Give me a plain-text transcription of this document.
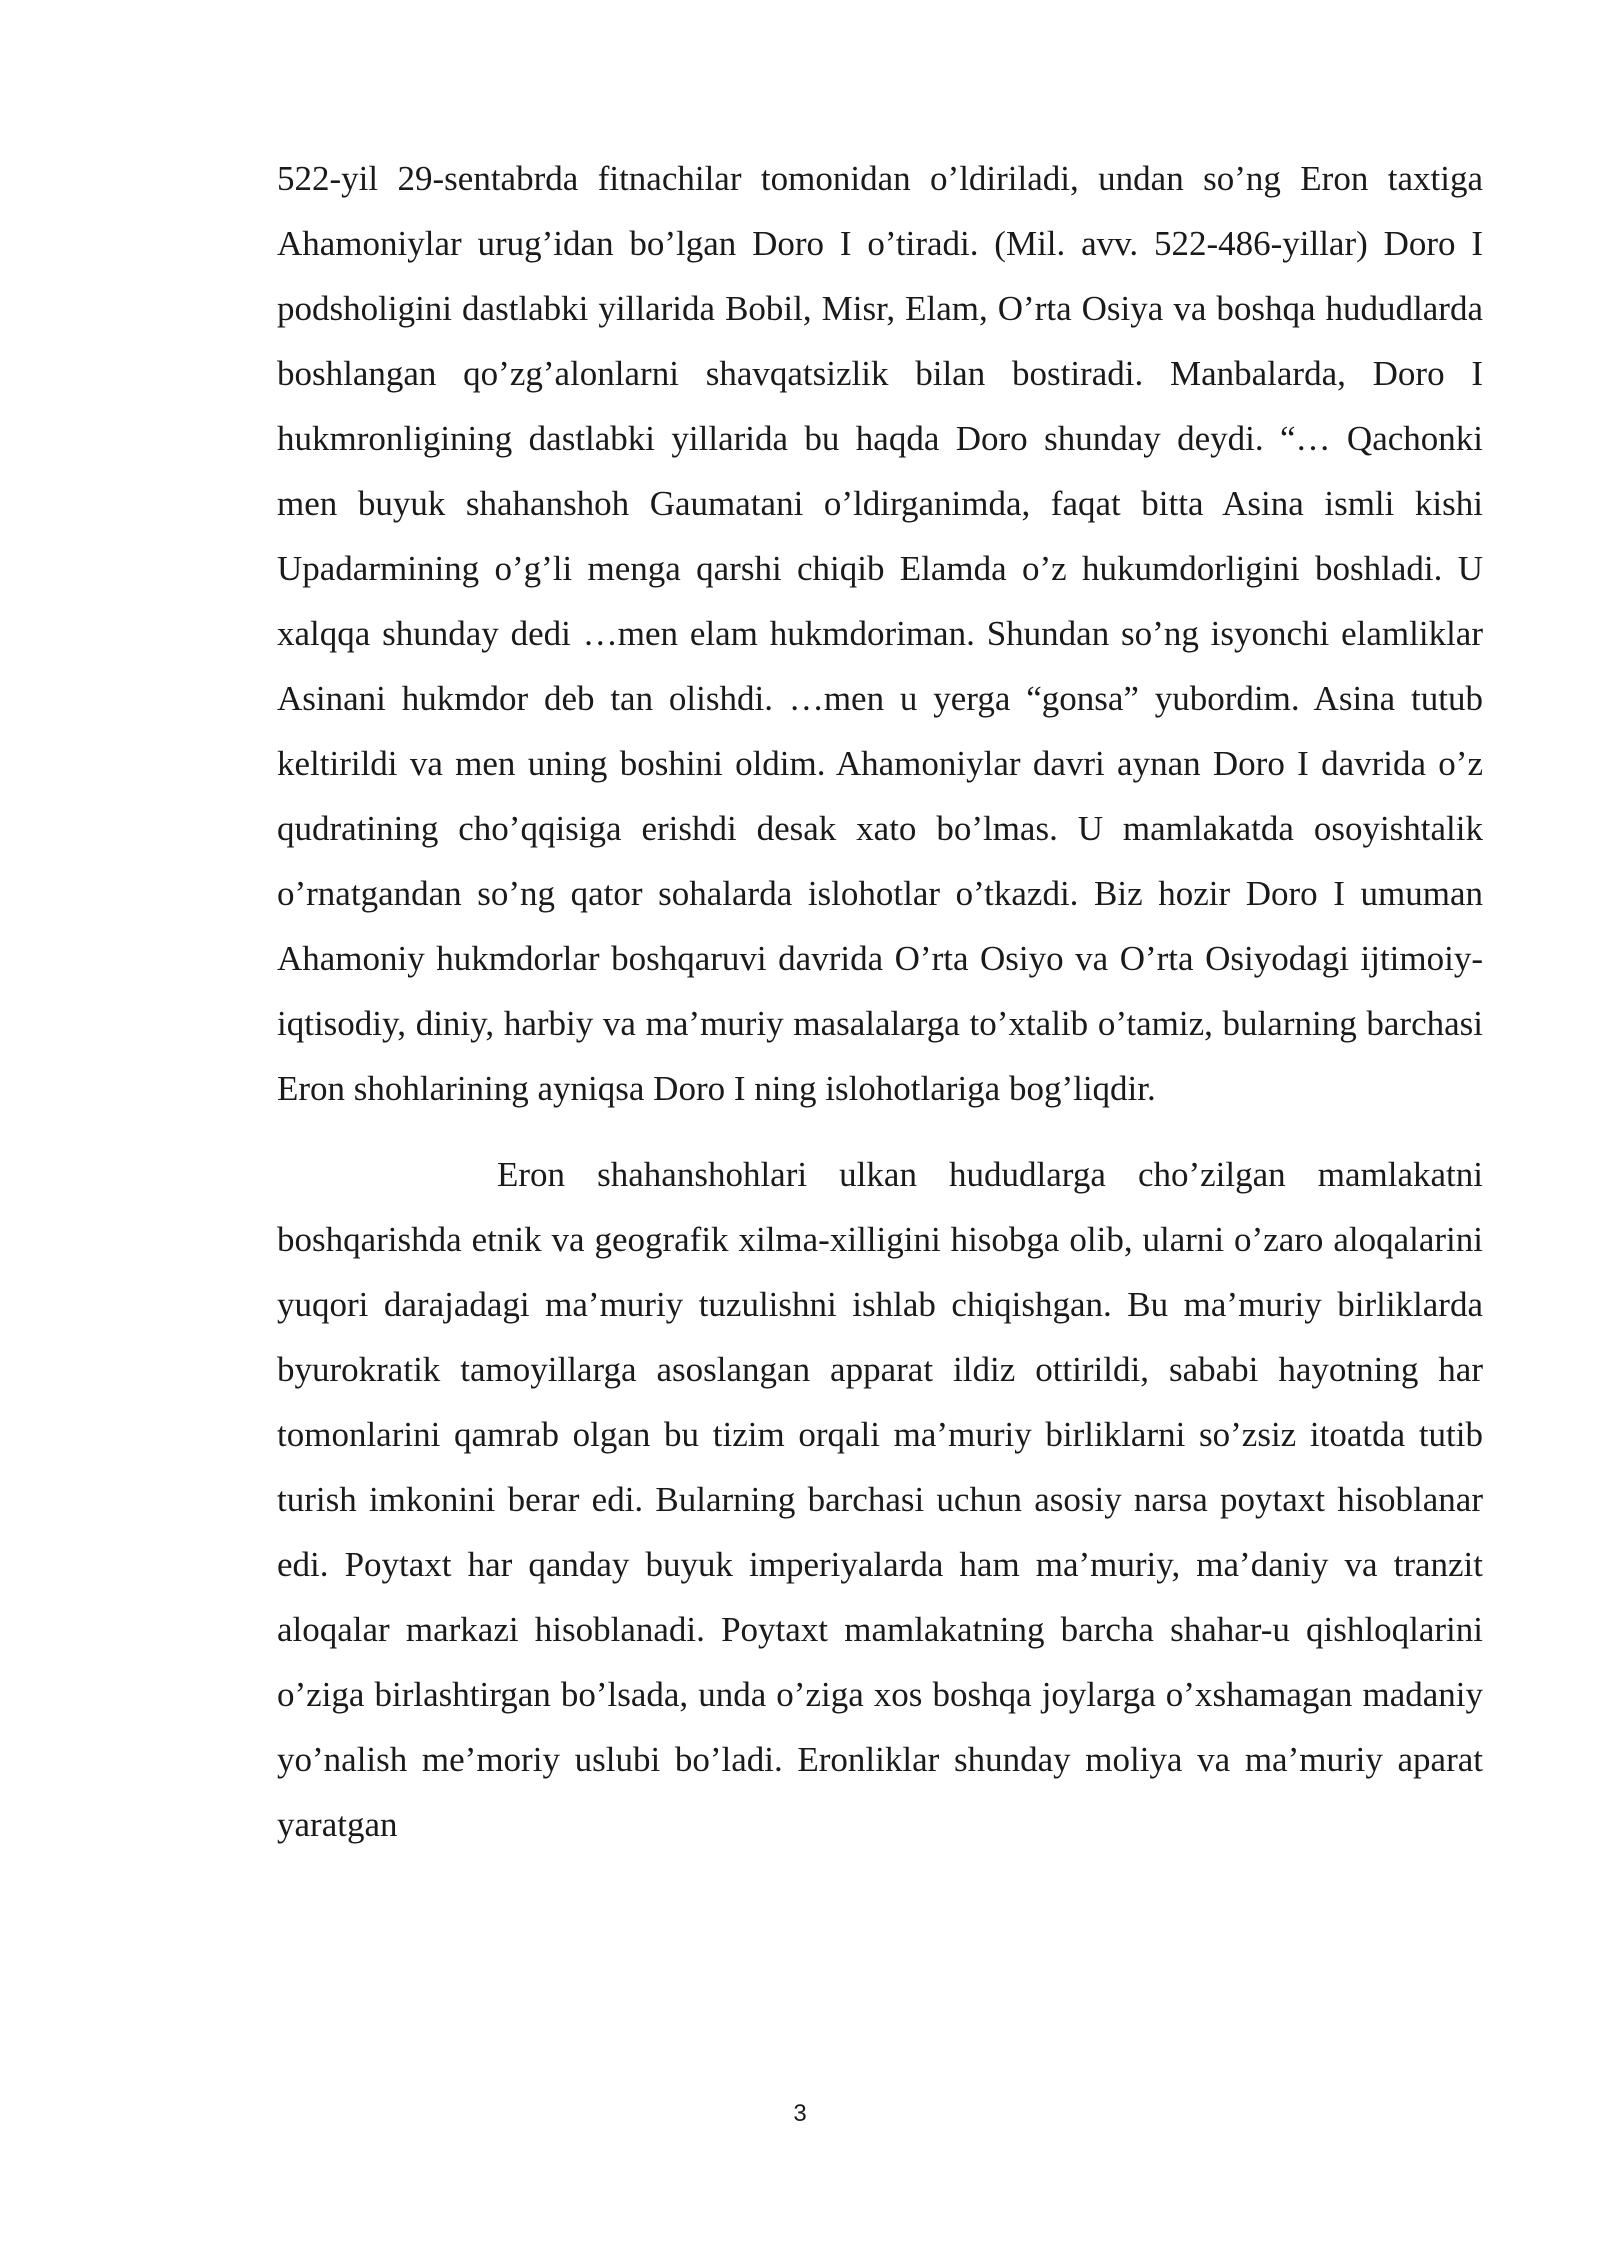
522-yil 29-sentabrda fitnachilar tomonidan o’ldiriladi, undan so’ng Eron taxtiga Ahamoniylar urug’idan bo’lgan Doro I o’tiradi. (Mil. avv. 522-486-yillar) Doro I podsholigini dastlabki yillarida Bobil, Misr, Elam, O’rta Osiya va boshqa hududlarda boshlangan qo’zg’alonlarni shavqatsizlik bilan bostiradi. Manbalarda, Doro I hukmronligining dastlabki yillarida bu haqda Doro shunday deydi. “… Qachonki men buyuk shahanshoh Gaumatani o’ldirganimda, faqat bitta Asina ismli kishi Upadarmining o’g’li menga qarshi chiqib Elamda o’z hukumdorligini boshladi. U xalqqa shunday dedi …men elam hukmdoriman. Shundan so’ng isyonchi elamliklar Asinani hukmdor deb tan olishdi. …men u yerga “gonsa” yubordim. Asina tutub keltirildi va men uning boshini oldim. Ahamoniylar davri aynan Doro I davrida o’z qudratining cho’qqisiga erishdi desak xato bo’lmas. U mamlakatda osoyishtalik o’rnatgandan so’ng qator sohalarda islohotlar o’tkazdi. Biz hozir Doro I umuman Ahamoniy hukmdorlar boshqaruvi davrida O’rta Osiyo va O’rta Osiyodagi ijtimoiy-iqtisodiy, diniy, harbiy va ma’muriy masalalarga to’xtalib o’tamiz, bularning barchasi Eron shohlarining ayniqsa Doro I ning islohotlariga bog’liqdir.

Eron shahanshohlari ulkan hududlarga cho’zilgan mamlakatni boshqarishda etnik va geografik xilma-xilligini hisobga olib, ularni o’zaro aloqalarini yuqori darajadagi ma’muriy tuzulishni ishlab chiqishgan. Bu ma’muriy birliklarda byurokratik tamoyillarga asoslangan apparat ildiz ottirildi, sababi hayotning har tomonlarini qamrab olgan bu tizim orqali ma’muriy birliklarni so’zsiz itoatda tutib turish imkonini berar edi. Bularning barchasi uchun asosiy narsa poytaxt hisoblanar edi. Poytaxt har qanday buyuk imperiyalarda ham ma’muriy, ma’daniy va tranzit aloqalar markazi hisoblanadi. Poytaxt mamlakatning barcha shahar-u qishloqlarini o’ziga birlashtirgan bo’lsada, unda o’ziga xos boshqa joylarga o’xshamagan madaniy yo’nalish me’moriy uslubi bo’ladi. Eronliklar shunday moliya va ma’muriy aparat yaratgan

3
